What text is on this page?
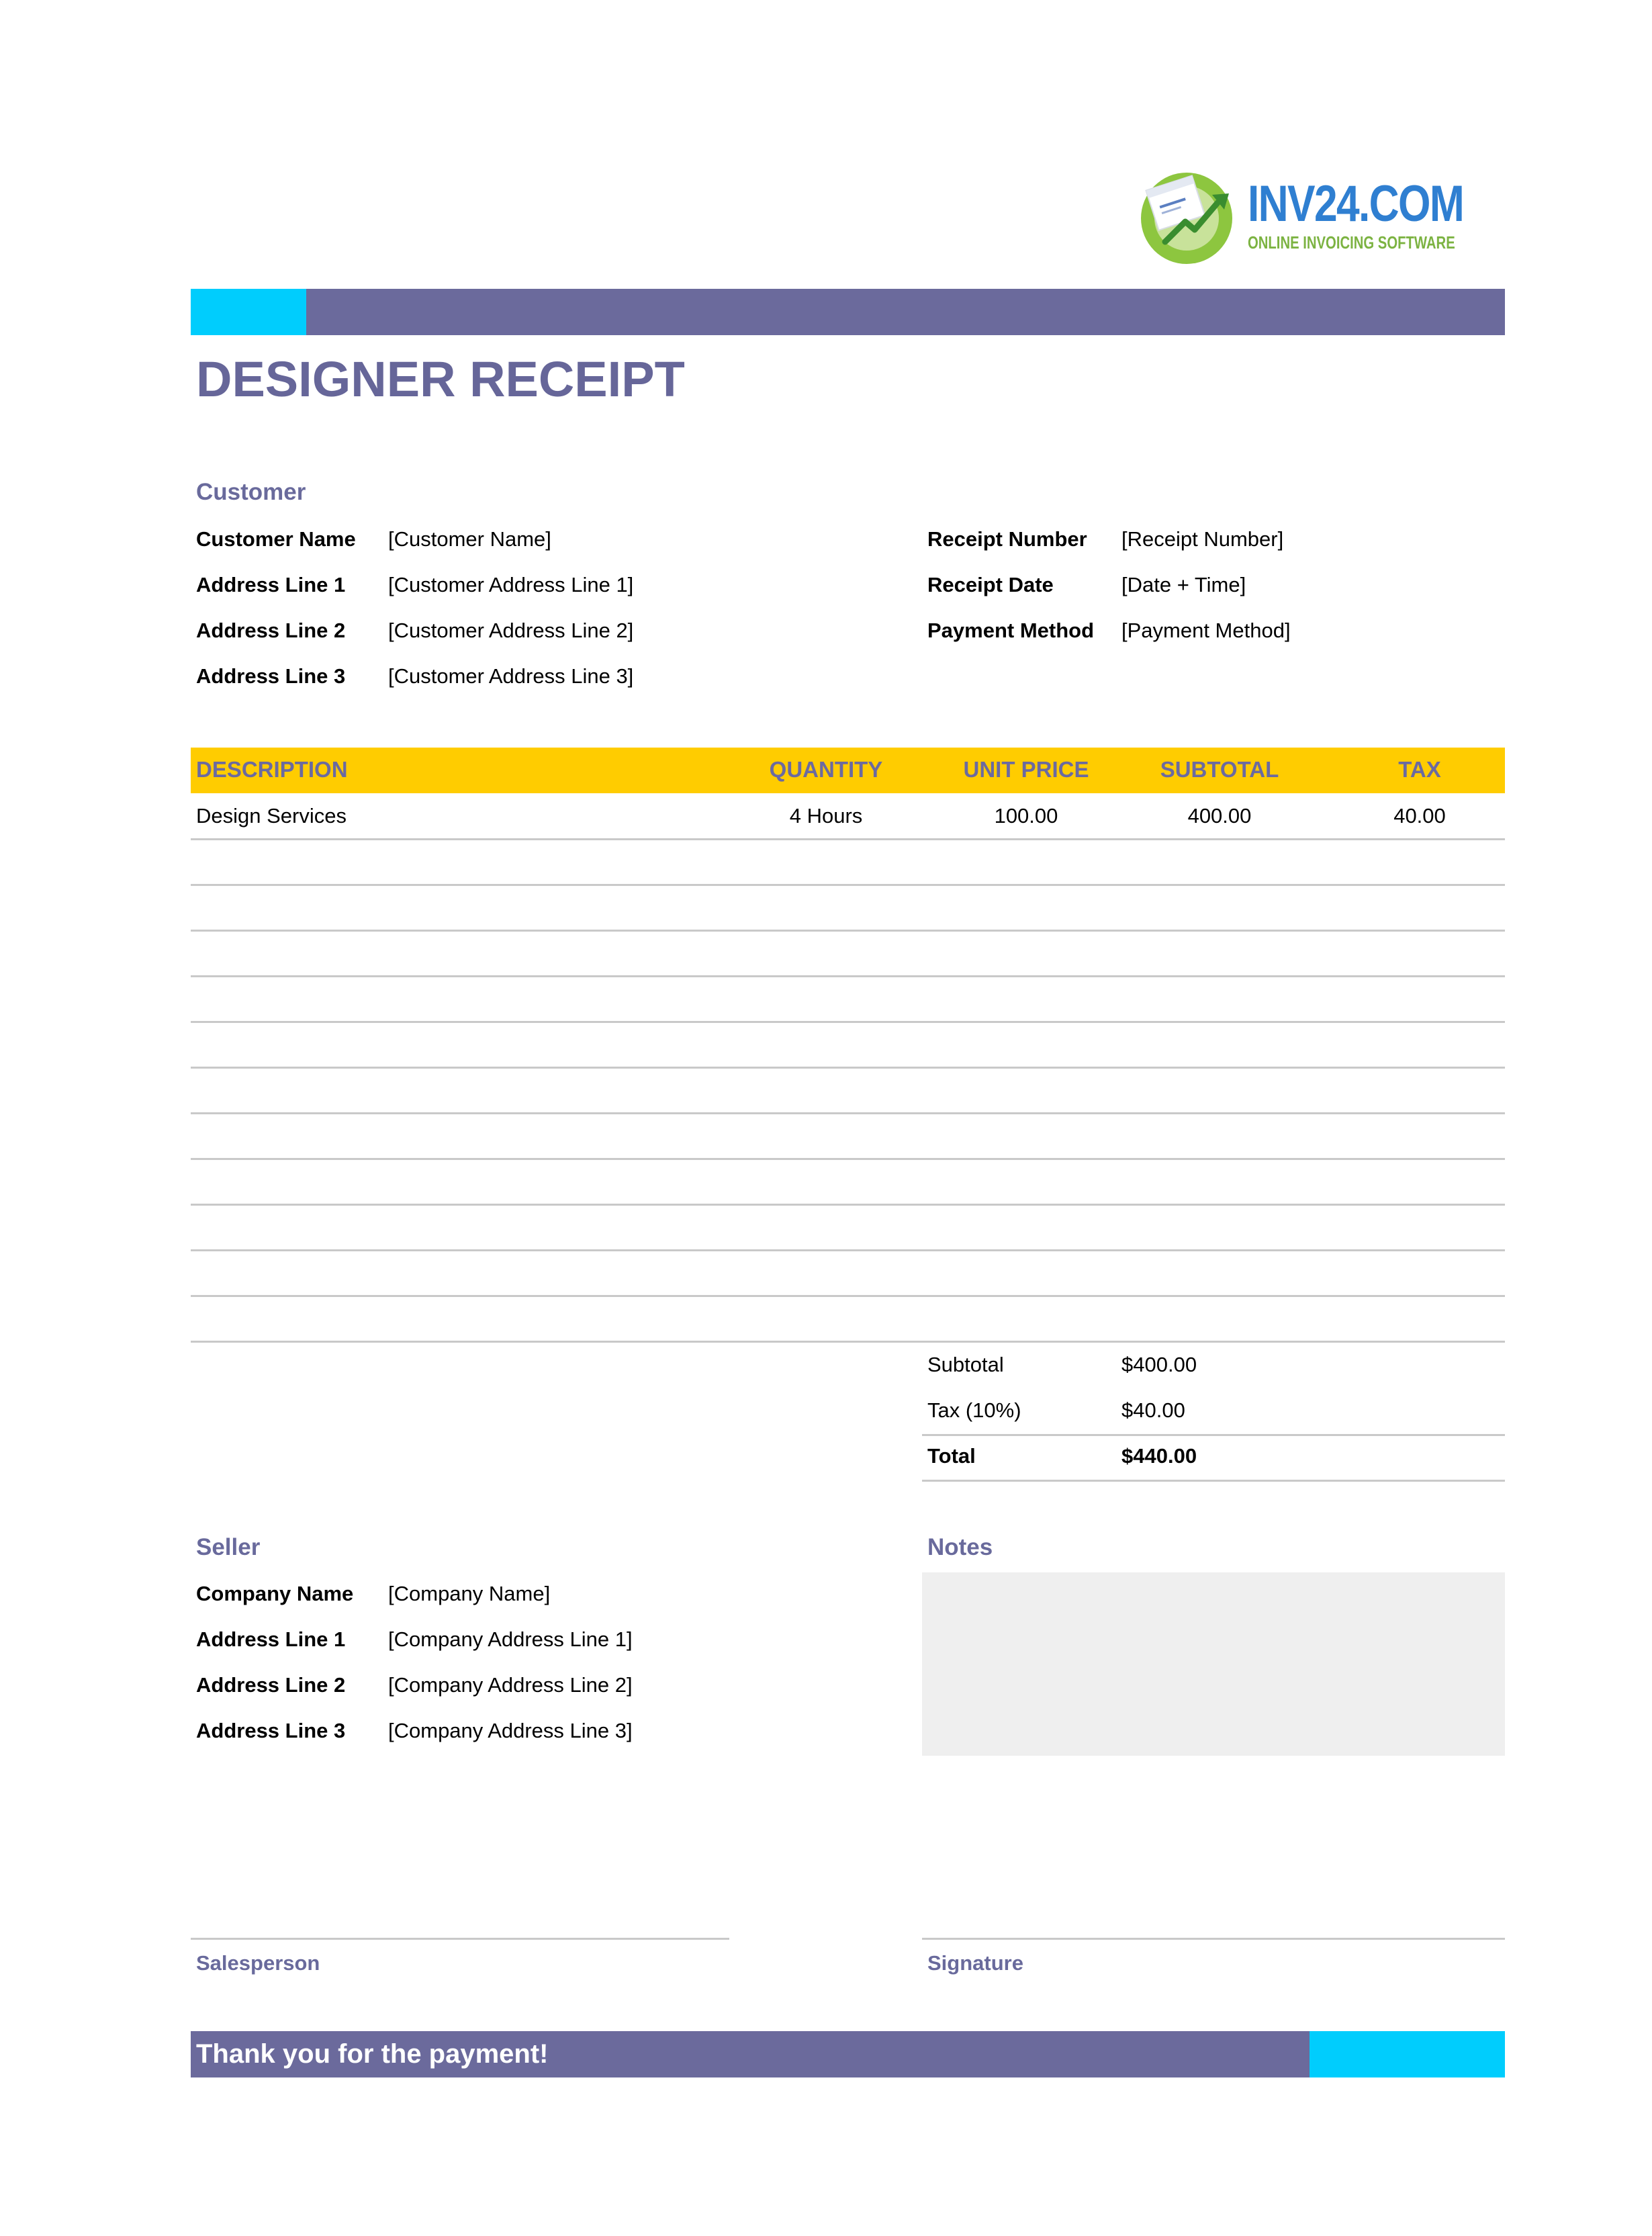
INV24.COM
ONLINE INVOICING SOFTWARE
DESIGNER RECEIPT
Customer
Customer Name [Customer Name]
Address Line 1 [Customer Address Line 1]
Address Line 2 [Customer Address Line 2]
Address Line 3 [Customer Address Line 3]
Receipt Number [Receipt Number]
Receipt Date	[Date + Time]
Payment Method [Payment Method]
DESCRIPTION	QUANTITY	UNIT PRICE	SUBTOTAL	TAX
Design Services	4 Hours	100.00	400.00	40.00
Subtotal	$400.00
Tax (10%)	$40.00
Total	$440.00
Seller
Company Name [Company Name]
Address Line 1 [Company Address Line 1]
Address Line 2 [Company Address Line 2]
Address Line 3 [Company Address Line 3]
Notes
Salesperson	Signature
Thank you for the payment!
